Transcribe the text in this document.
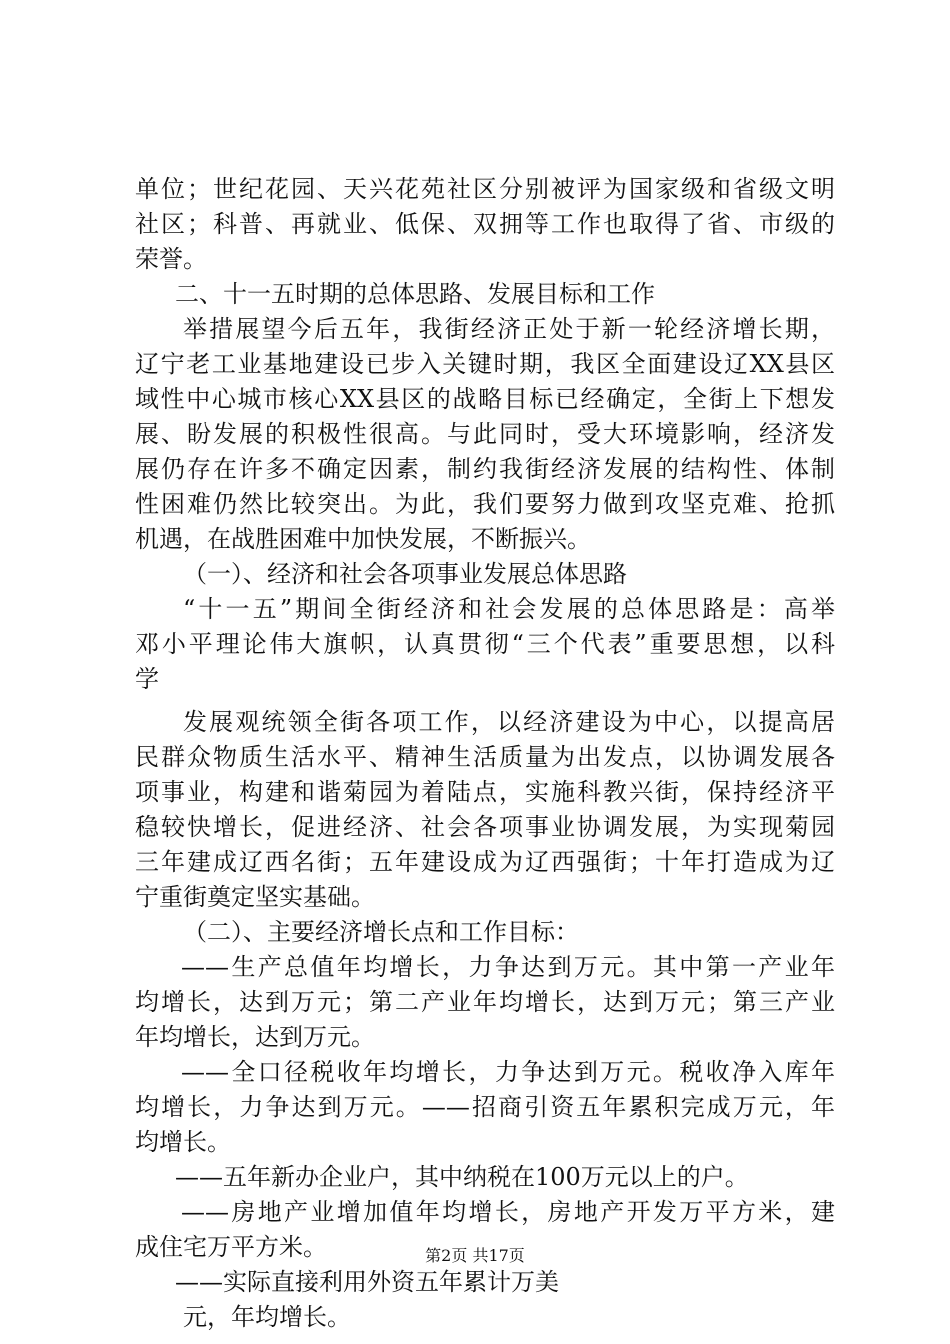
单位；世纪花园、天兴花苑社区分别被评为国家级和省级文明
社区；科普、再就业、低保、双拥等工作也取得了省、市级的
荣誉。
二、十一五时期的总体思路、发展目标和工作
举措展望今后五年，我街经济正处于新一轮经济增长期，
辽宁老工业基地建设已步入关键时期，我区全面建设辽XX县区
域性中心城市核心XX县区的战略目标已经确定，全街上下想发
展、盼发展的积极性很高。与此同时，受大环境影响，经济发
展仍存在许多不确定因素，制约我街经济发展的结构性、体制
性困难仍然比较突出。为此，我们要努力做到攻坚克难、抢抓
机遇，在战胜困难中加快发展，不断振兴。
（一）、经济和社会各项事业发展总体思路
“十一五”期间全街经济和社会发展的总体思路是：高举
邓小平理论伟大旗帜，认真贯彻“三个代表”重要思想，以科
学
发展观统领全街各项工作，以经济建设为中心，以提高居
民群众物质生活水平、精神生活质量为出发点，以协调发展各
项事业，构建和谐菊园为着陆点，实施科教兴街，保持经济平
稳较快增长，促进经济、社会各项事业协调发展，为实现菊园
三年建成辽西名街；五年建设成为辽西强街；十年打造成为辽
宁重街奠定坚实基础。
（二）、主要经济增长点和工作目标：
——生产总值年均增长，力争达到万元。其中第一产业年
均增长，达到万元；第二产业年均增长，达到万元；第三产业
年均增长，达到万元。
——全口径税收年均增长，力争达到万元。税收净入库年
均增长，力争达到万元。——招商引资五年累积完成万元，年
均增长。
——五年新办企业户，其中纳税在100万元以上的户。
——房地产业增加值年均增长，房地产开发万平方米，建
成住宅万平方米。
——实际直接利用外资五年累计万美
元，年均增长。
第2页 共17页
